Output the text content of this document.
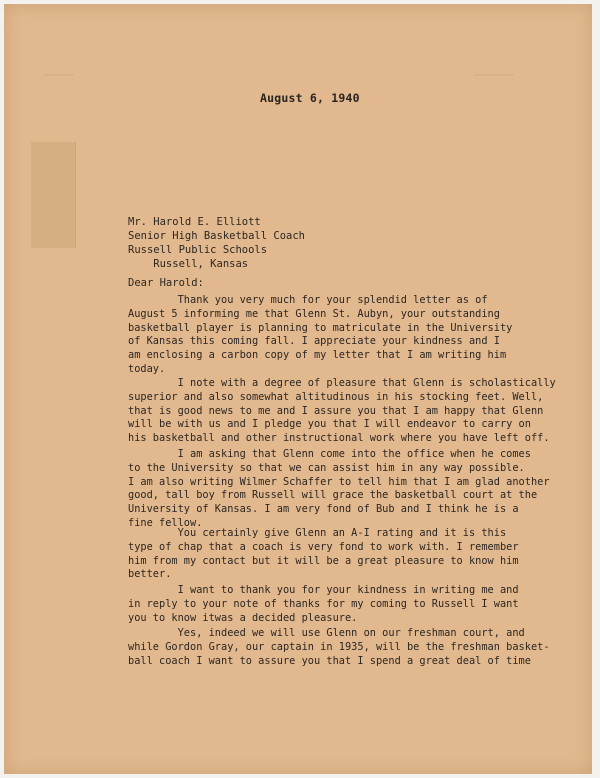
August 6, 1940
Mr. Harold E. Elliott
Senior High Basketball Coach
Russell Public Schools
Russell, Kansas
Dear Harold:
Thank you very much for your splendid letter as of
August 5 informing me that Glenn St. Aubyn, your outstanding
basketball player is planning to matriculate in the University
of Kansas this coming fall. I appreciate your kindness and I
am enclosing a carbon copy of my letter that I am writing him
today.
I note with a degree of pleasure that Glenn is scholastically
superior and also somewhat altitudinous in his stocking feet. Well,
that is good news to me and I assure you that I am happy that Glenn
will be with us and I pledge you that I will endeavor to carry on
his basketball and other instructional work where you have left off.
I am asking that Glenn come into the office when he comes
to the University so that we can assist him in any way possible.
I am also writing Wilmer Schaffer to tell him that I am glad another
good, tall boy from Russell will grace the basketball court at the
University of Kansas. I am very fond of Bub and I think he is a
fine fellow.
You certainly give Glenn an A-I rating and it is this
type of chap that a coach is very fond to work with. I remember
him from my contact but it will be a great pleasure to know him
better.
I want to thank you for your kindness in writing me and
in reply to your note of thanks for my coming to Russell I want
you to know itwas a decided pleasure.
Yes, indeed we will use Glenn on our freshman court, and
while Gordon Gray, our captain in 1935, will be the freshman basket-
ball coach I want to assure you that I spend a great deal of time
